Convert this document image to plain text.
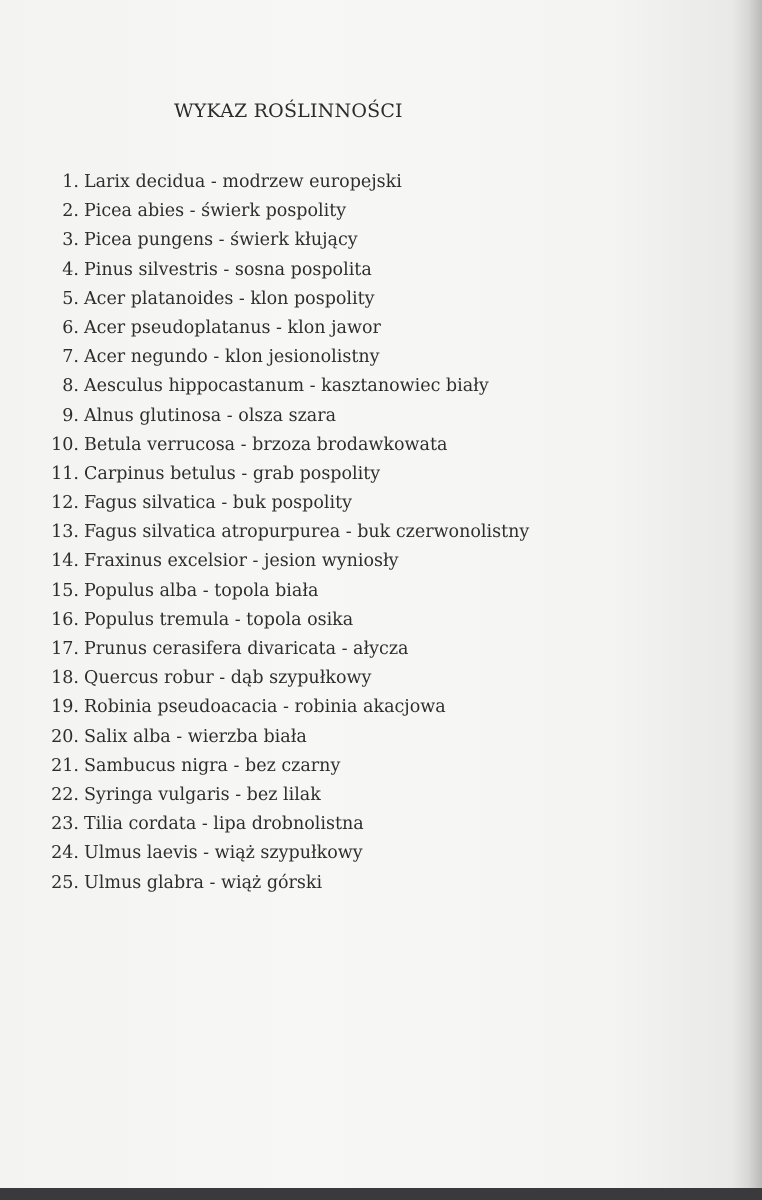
WYKAZ ROŚLINNOŚCI
1. Larix decidua - modrzew europejski
2. Picea abies - świerk pospolity
3. Picea pungens - świerk kłujący
4. Pinus silvestris - sosna pospolita
5. Acer platanoides - klon pospolity
6. Acer pseudoplatanus - klon jawor
7. Acer negundo - klon jesionolistny
8. Aesculus hippocastanum - kasztanowiec biały
9. Alnus glutinosa - olsza szara
10. Betula verrucosa - brzoza brodawkowata
11. Carpinus betulus - grab pospolity
12. Fagus silvatica - buk pospolity
13. Fagus silvatica atropurpurea - buk czerwonolistny
14. Fraxinus excelsior - jesion wyniosły
15. Populus alba - topola biała
16. Populus tremula - topola osika
17. Prunus cerasifera divaricata - ałycza
18. Quercus robur - dąb szypułkowy
19. Robinia pseudoacacia - robinia akacjowa
20. Salix alba - wierzba biała
21. Sambucus nigra - bez czarny
22. Syringa vulgaris - bez lilak
23. Tilia cordata - lipa drobnolistna
24. Ulmus laevis - wiąż szypułkowy
25. Ulmus glabra - wiąż górski
